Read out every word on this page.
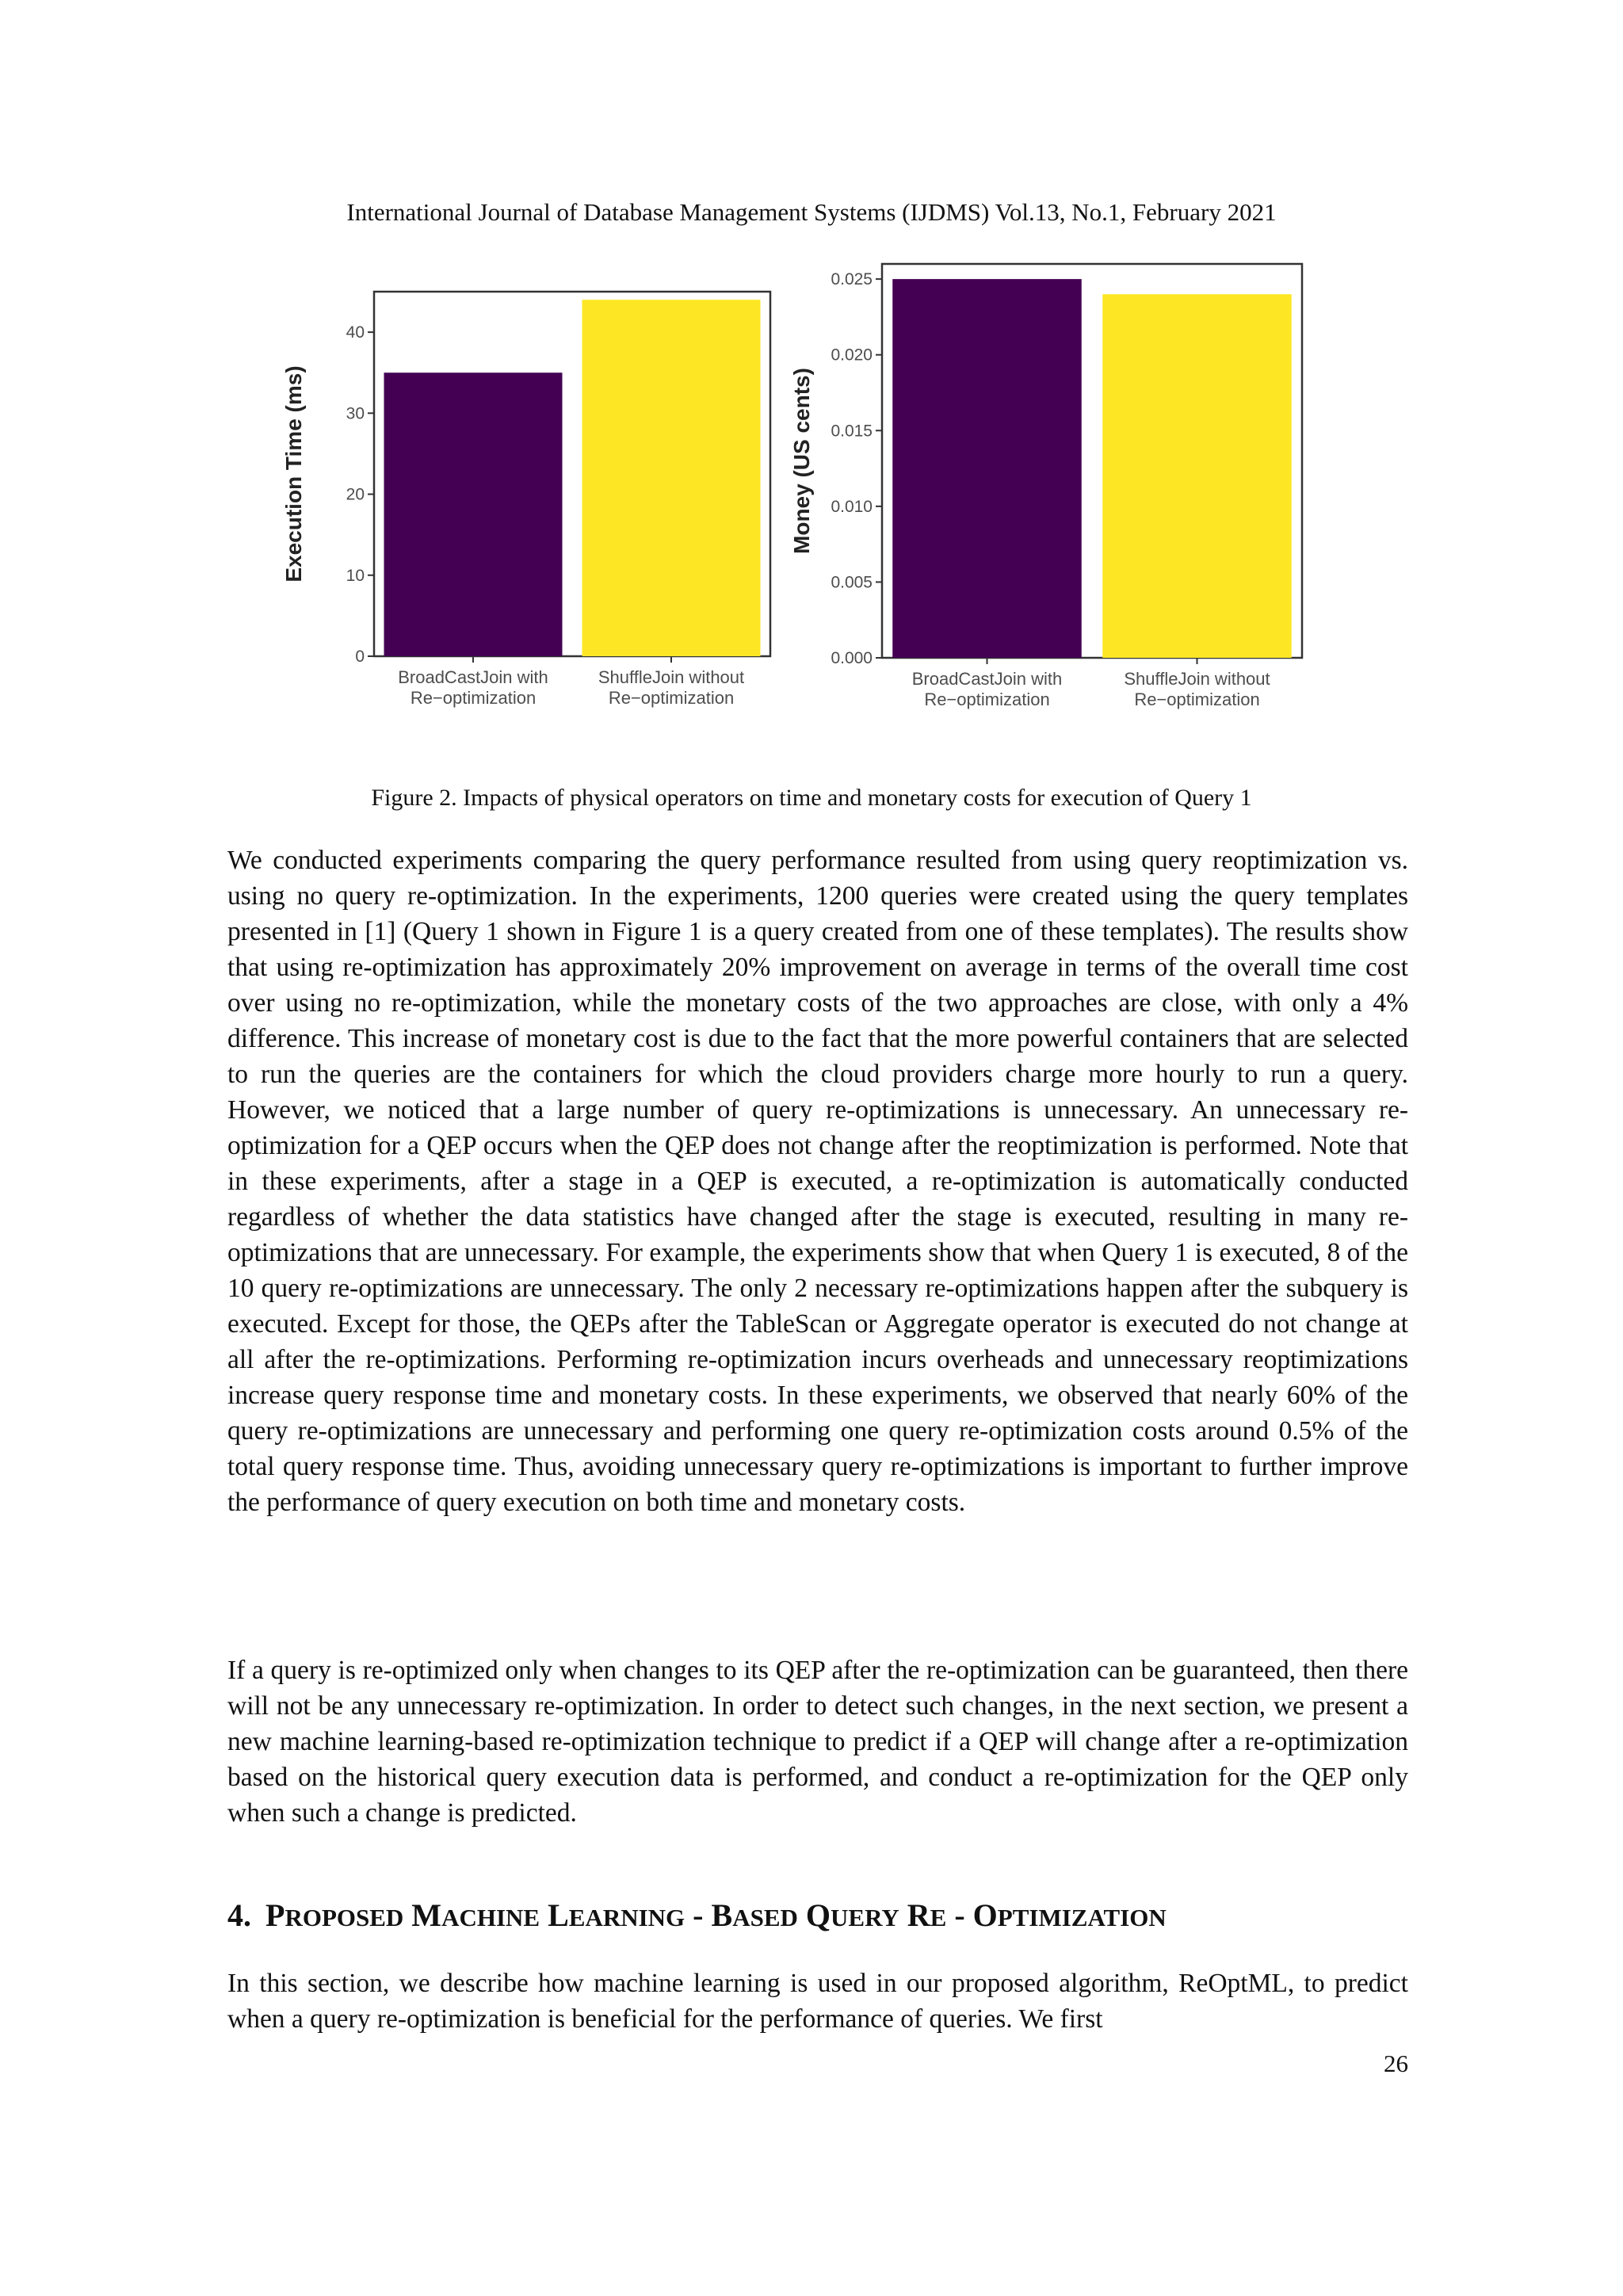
International Journal of Database Management Systems (IJDMS) Vol.13, No.1, February 2021
0
10
20
30
40
BroadCastJoin with Re−optimization
ShuffleJoin without Re−optimization
Execution Time (ms)
0.000
0.005
0.010
0.015
0.020
0.025
BroadCastJoin with Re−optimization
ShuffleJoin without Re−optimization
Money (US cents)
Figure 2. Impacts of physical operators on time and monetary costs for execution of Query 1

We conducted experiments comparing the query performance resulted from using query reoptimization vs. using no query re-optimization. In the experiments, 1200 queries were created using the query templates presented in [1] (Query 1 shown in Figure 1 is a query created from one of these templates). The results show that using re-optimization has approximately 20% improvement on average in terms of the overall time cost over using no re-optimization, while the monetary costs of the two approaches are close, with only a 4% difference. This increase of monetary cost is due to the fact that the more powerful containers that are selected to run the queries are the containers for which the cloud providers charge more hourly to run a query. However, we noticed that a large number of query re-optimizations is unnecessary. An unnecessary re-optimization for a QEP occurs when the QEP does not change after the reoptimization is performed. Note that in these experiments, after a stage in a QEP is executed, a re-optimization is automatically conducted regardless of whether the data statistics have changed after the stage is executed, resulting in many re-optimizations that are unnecessary. For example, the experiments show that when Query 1 is executed, 8 of the 10 query re-optimizations are unnecessary. The only 2 necessary re-optimizations happen after the subquery is executed. Except for those, the QEPs after the TableScan or Aggregate operator is executed do not change at all after the re-optimizations. Performing re-optimization incurs overheads and unnecessary reoptimizations increase query response time and monetary costs. In these experiments, we observed that nearly 60% of the query re-optimizations are unnecessary and performing one query re-optimization costs around 0.5% of the total query response time. Thus, avoiding unnecessary query re-optimizations is important to further improve the performance of query execution on both time and monetary costs.

If a query is re-optimized only when changes to its QEP after the re-optimization can be guaranteed, then there will not be any unnecessary re-optimization. In order to detect such changes, in the next section, we present a new machine learning-based re-optimization technique to predict if a QEP will change after a re-optimization based on the historical query execution data is performed, and conduct a re-optimization for the QEP only when such a change is predicted.

4. PROPOSED MACHINE LEARNING - BASED QUERY RE - OPTIMIZATION

In this section, we describe how machine learning is used in our proposed algorithm, ReOptML, to predict when a query re-optimization is beneficial for the performance of queries. We first

26
